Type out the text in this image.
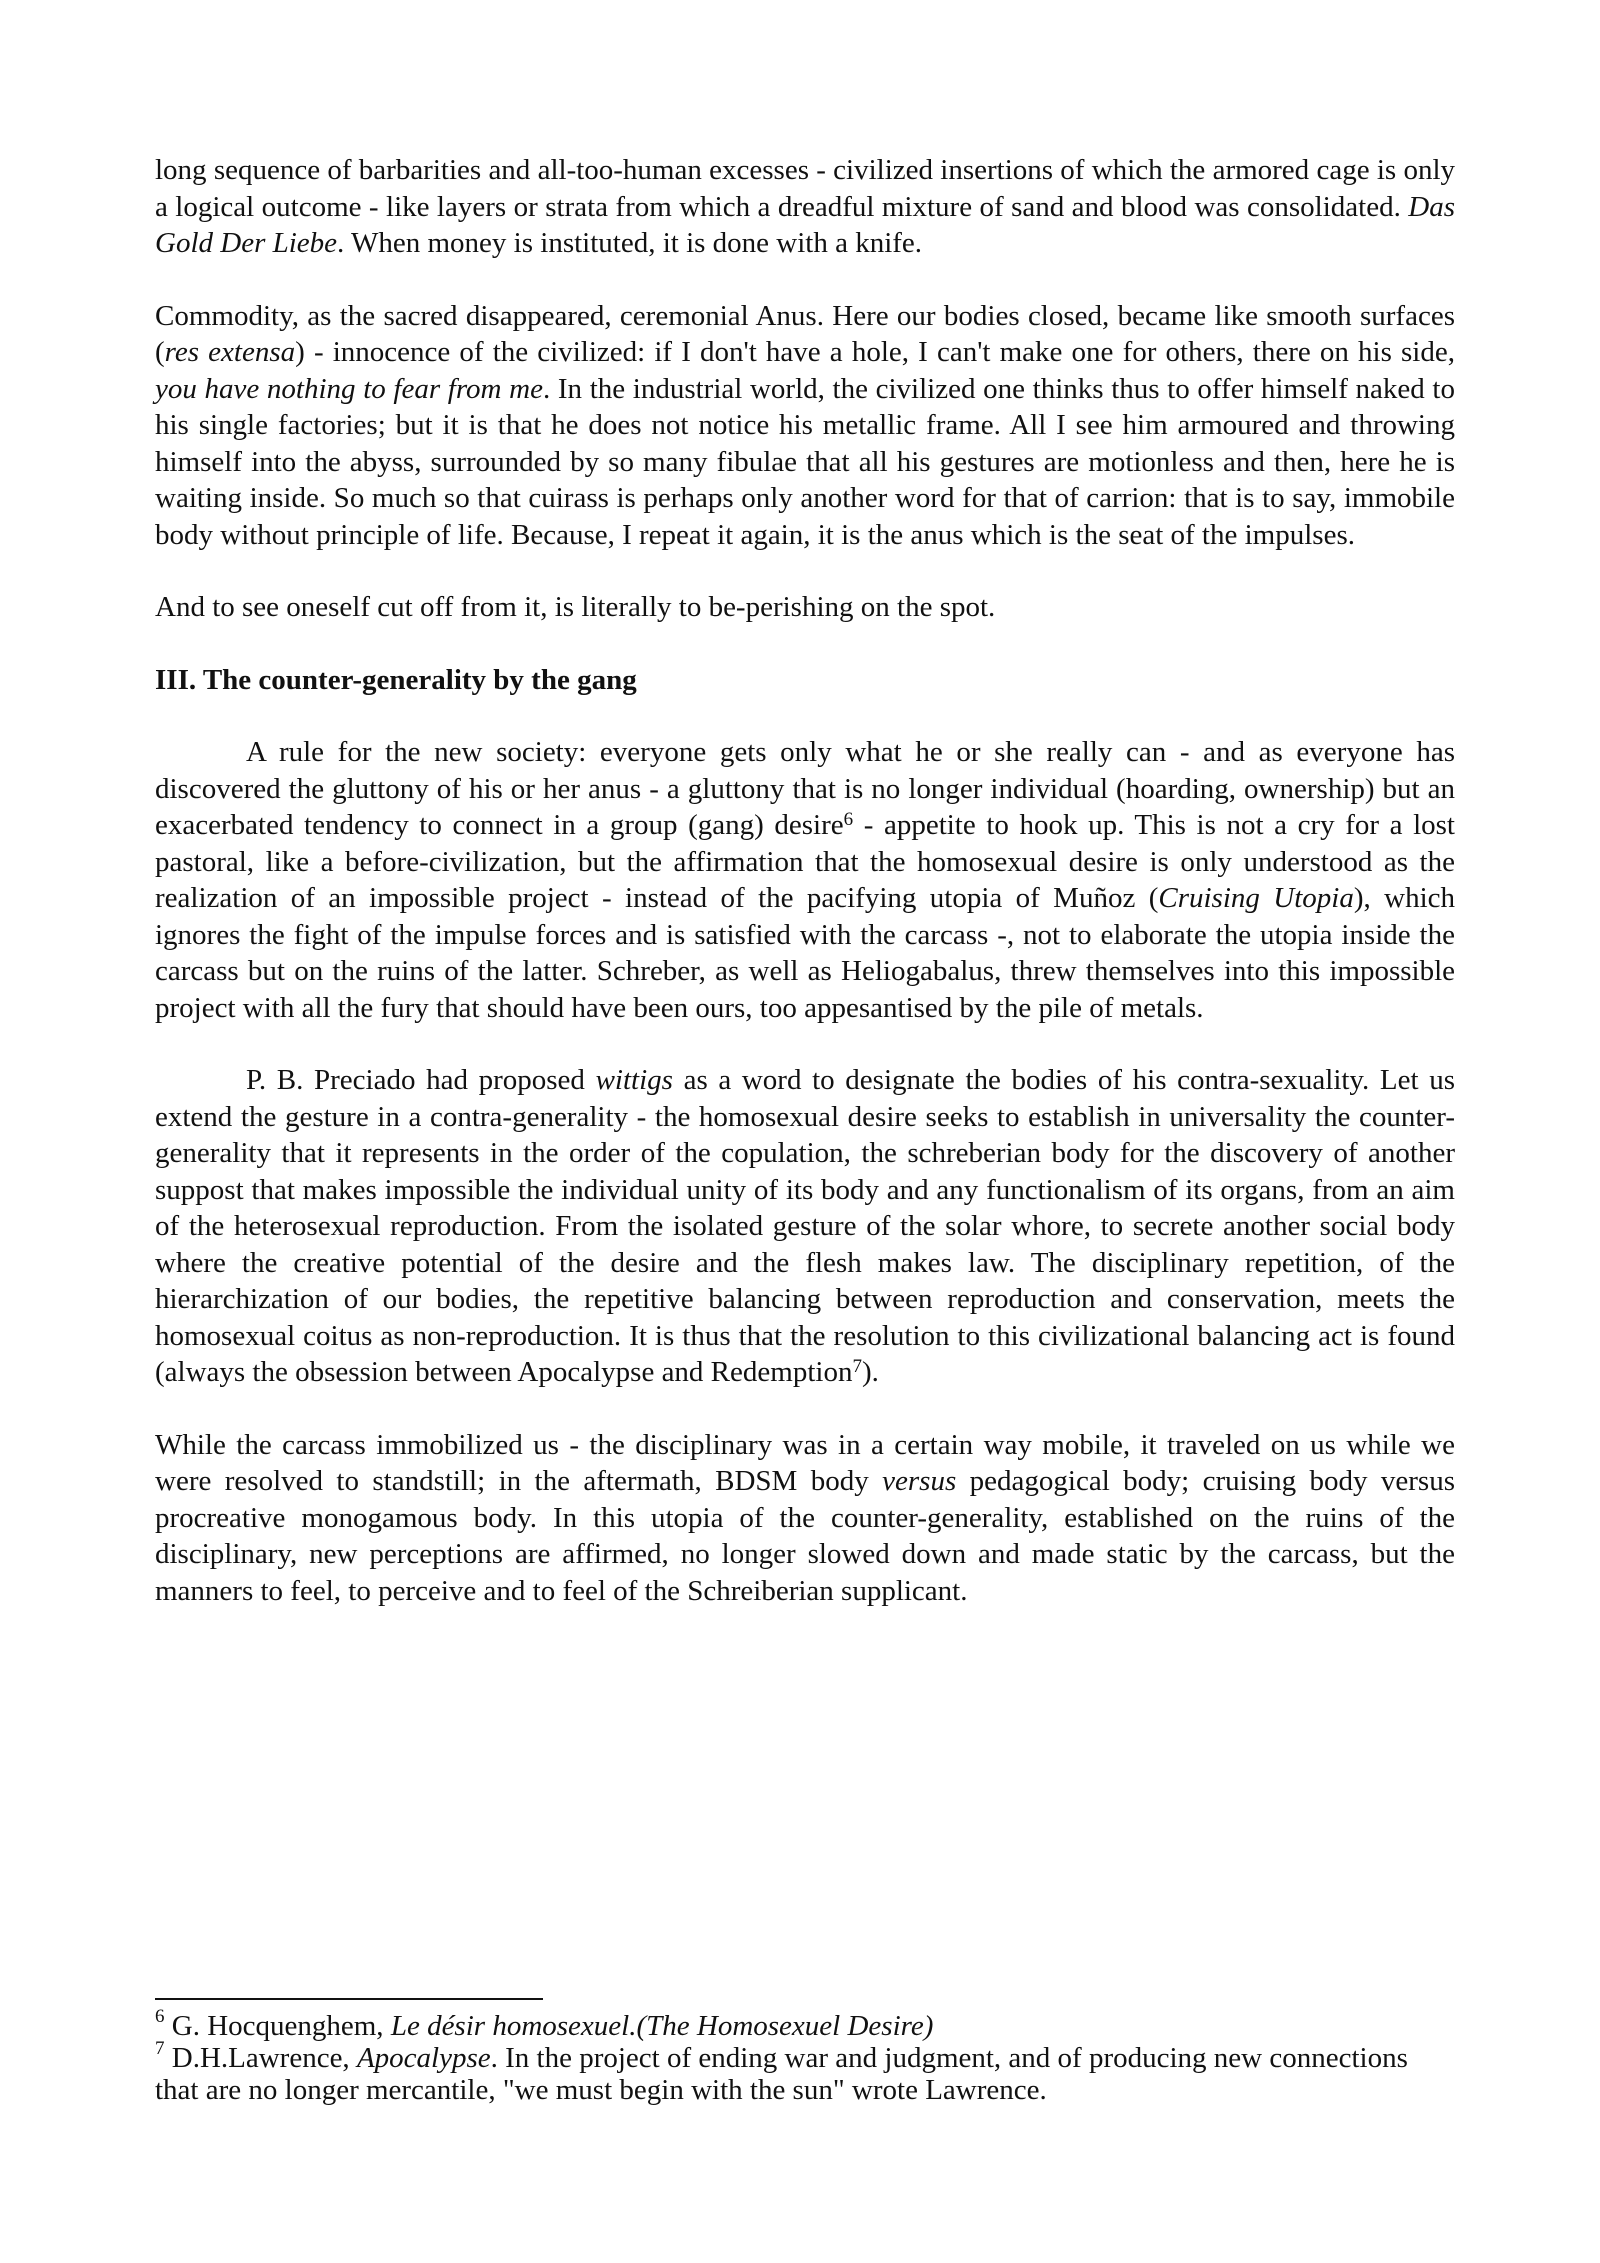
long sequence of barbarities and all-too-human excesses - civilized insertions of which the armored cage is only a logical outcome - like layers or strata from which a dreadful mixture of sand and blood was consolidated. Das Gold Der Liebe. When money is instituted, it is done with a knife.

Commodity, as the sacred disappeared, ceremonial Anus. Here our bodies closed, became like smooth surfaces (res extensa) - innocence of the civilized: if I don't have a hole, I can't make one for others, there on his side, you have nothing to fear from me. In the industrial world, the civilized one thinks thus to offer himself naked to his single factories; but it is that he does not notice his metallic frame. All I see him armoured and throwing himself into the abyss, surrounded by so many fibulae that all his gestures are motionless and then, here he is waiting inside. So much so that cuirass is perhaps only another word for that of carrion: that is to say, immobile body without principle of life. Because, I repeat it again, it is the anus which is the seat of the impulses.

And to see oneself cut off from it, is literally to be-perishing on the spot.

III. The counter-generality by the gang

A rule for the new society: everyone gets only what he or she really can - and as everyone has discovered the gluttony of his or her anus - a gluttony that is no longer individual (hoarding, ownership) but an exacerbated tendency to connect in a group (gang) desire$^6$ - appetite to hook up. This is not a cry for a lost pastoral, like a before-civilization, but the affirmation that the homosexual desire is only understood as the realization of an impossible project - instead of the pacifying utopia of Muñoz (Cruising Utopia), which ignores the fight of the impulse forces and is satisfied with the carcass -, not to elaborate the utopia inside the carcass but on the ruins of the latter. Schreber, as well as Heliogabalus, threw themselves into this impossible project with all the fury that should have been ours, too appesantised by the pile of metals.

P. B. Preciado had proposed wittigs as a word to designate the bodies of his contra-sexuality. Let us extend the gesture in a contra-generality - the homosexual desire seeks to establish in universality the counter-generality that it represents in the order of the copulation, the schreberian body for the discovery of another suppost that makes impossible the individual unity of its body and any functionalism of its organs, from an aim of the heterosexual reproduction. From the isolated gesture of the solar whore, to secrete another social body where the creative potential of the desire and the flesh makes law. The disciplinary repetition, of the hierarchization of our bodies, the repetitive balancing between reproduction and conservation, meets the homosexual coitus as non-reproduction. It is thus that the resolution to this civilizational balancing act is found (always the obsession between Apocalypse and Redemption$^7$).

While the carcass immobilized us - the disciplinary was in a certain way mobile, it traveled on us while we were resolved to standstill; in the aftermath, BDSM body versus pedagogical body; cruising body versus procreative monogamous body. In this utopia of the counter-generality, established on the ruins of the disciplinary, new perceptions are affirmed, no longer slowed down and made static by the carcass, but the manners to feel, to perceive and to feel of the Schreiberian supplicant.

$^6$ G. Hocquenghem, Le désir homosexuel.(The Homosexuel Desire)

$^7$ D.H.Lawrence, Apocalypse. In the project of ending war and judgment, and of producing new connections that are no longer mercantile, "we must begin with the sun" wrote Lawrence.
